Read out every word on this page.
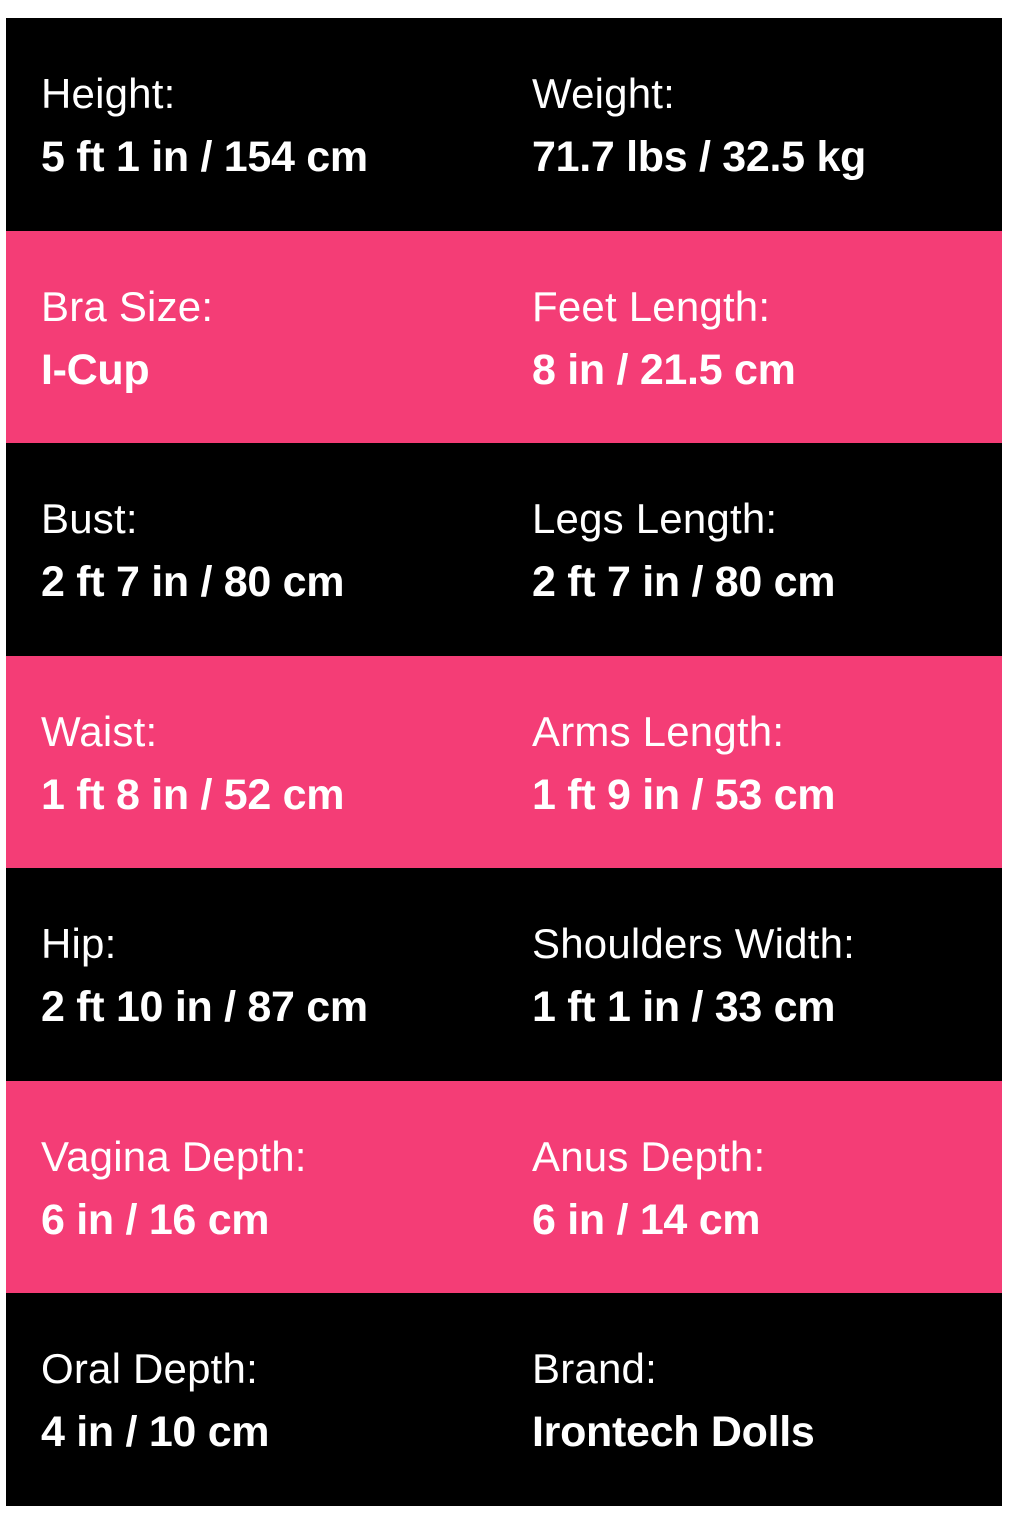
Height:
5 ft 1 in / 154 cm
Weight:
71.7 lbs / 32.5 kg
Bra Size:
I-Cup
Feet Length:
8 in / 21.5 cm
Bust:
2 ft 7 in / 80 cm
Legs Length:
2 ft 7 in / 80 cm
Waist:
1 ft 8 in / 52 cm
Arms Length:
1 ft 9 in / 53 cm
Hip:
2 ft 10 in / 87 cm
Shoulders Width:
1 ft 1 in / 33 cm
Vagina Depth:
6 in / 16 cm
Anus Depth:
6 in / 14 cm
Oral Depth:
4 in / 10 cm
Brand:
Irontech Dolls
